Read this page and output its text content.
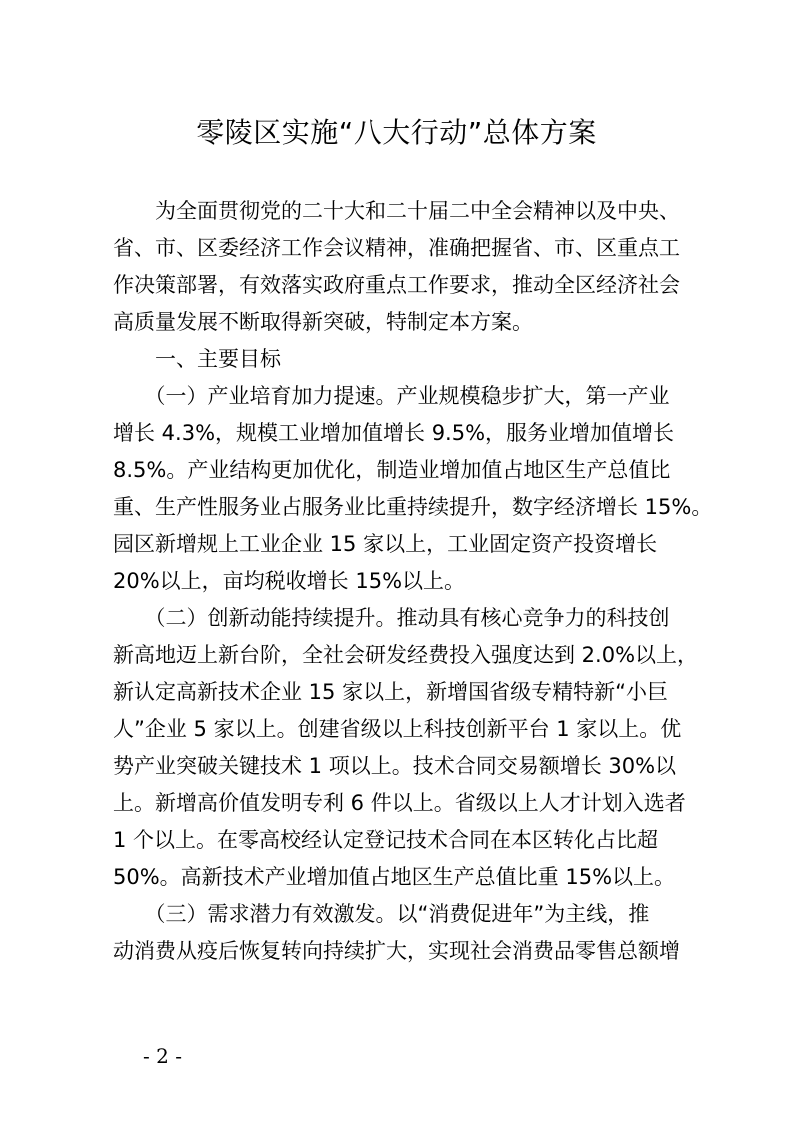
零陵区实施“八大行动”总体方案
　　为全面贯彻党的二十大和二十届二中全会精神以及中央、
省、市、区委经济工作会议精神，准确把握省、市、区重点工
作决策部署，有效落实政府重点工作要求，推动全区经济社会
高质量发展不断取得新突破，特制定本方案。
　　一、主要目标
　　（一）产业培育加力提速。产业规模稳步扩大，第一产业
增长 4.3%，规模工业增加值增长 9.5%，服务业增加值增长
8.5%。产业结构更加优化，制造业增加值占地区生产总值比
重、生产性服务业占服务业比重持续提升，数字经济增长 15%。
园区新增规上工业企业 15 家以上，工业固定资产投资增长
20%以上，亩均税收增长 15%以上。
　　（二）创新动能持续提升。推动具有核心竞争力的科技创
新高地迈上新台阶，全社会研发经费投入强度达到 2.0%以上，
新认定高新技术企业 15 家以上，新增国省级专精特新“小巨
人”企业 5 家以上。创建省级以上科技创新平台 1 家以上。优
势产业突破关键技术 1 项以上。技术合同交易额增长 30%以
上。新增高价值发明专利 6 件以上。省级以上人才计划入选者
1 个以上。在零高校经认定登记技术合同在本区转化占比超
50%。高新技术产业增加值占地区生产总值比重 15%以上。
　　（三）需求潜力有效激发。以“消费促进年”为主线，推
动消费从疫后恢复转向持续扩大，实现社会消费品零售总额增
- 2 -
